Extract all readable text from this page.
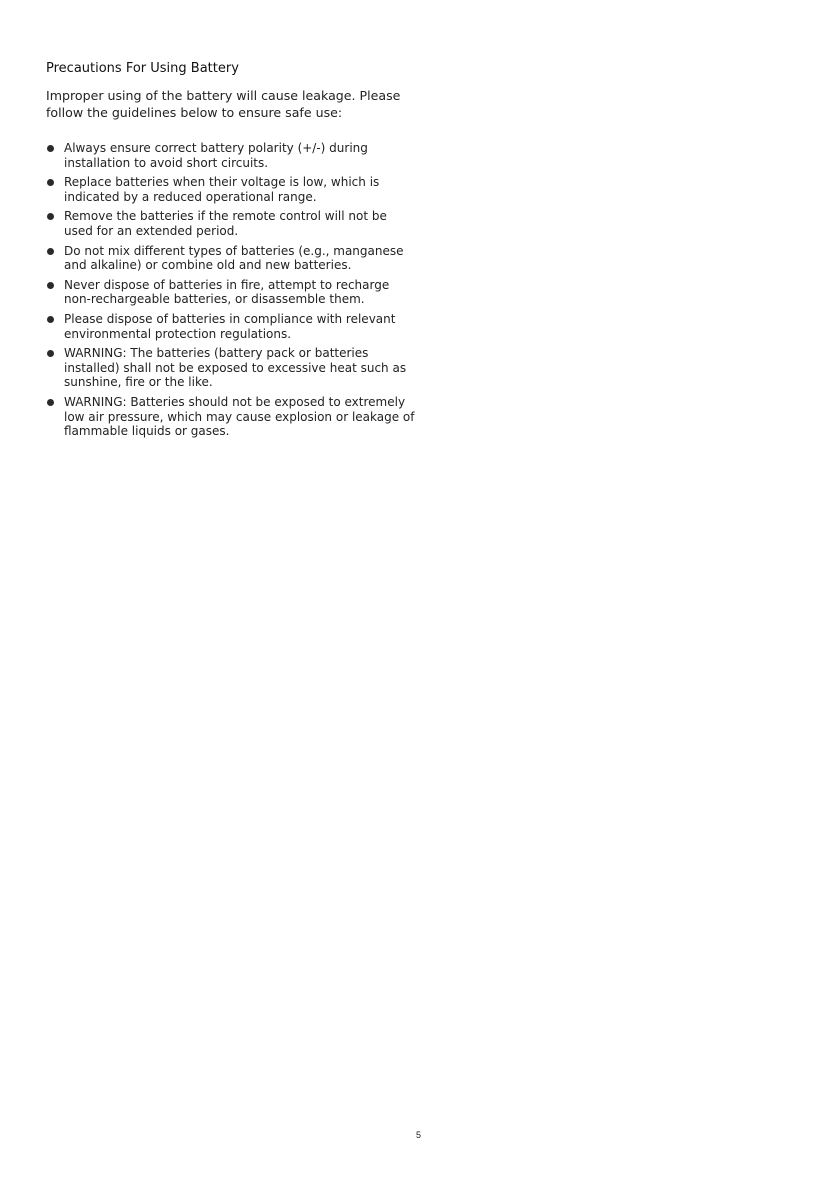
Precautions For Using Battery

Improper using of the battery will cause leakage. Please follow the guidelines below to ensure safe use:

Always ensure correct battery polarity (+/-) during installation to avoid short circuits.
Replace batteries when their voltage is low, which is indicated by a reduced operational range.
Remove the batteries if the remote control will not be used for an extended period.
Do not mix different types of batteries (e.g., manganese and alkaline) or combine old and new batteries.
Never dispose of batteries in fire, attempt to recharge non-rechargeable batteries, or disassemble them.
Please dispose of batteries in compliance with relevant environmental protection regulations.
WARNING: The batteries (battery pack or batteries installed) shall not be exposed to excessive heat such as sunshine, fire or the like.
WARNING: Batteries should not be exposed to extremely low air pressure, which may cause explosion or leakage of flammable liquids or gases.
5
